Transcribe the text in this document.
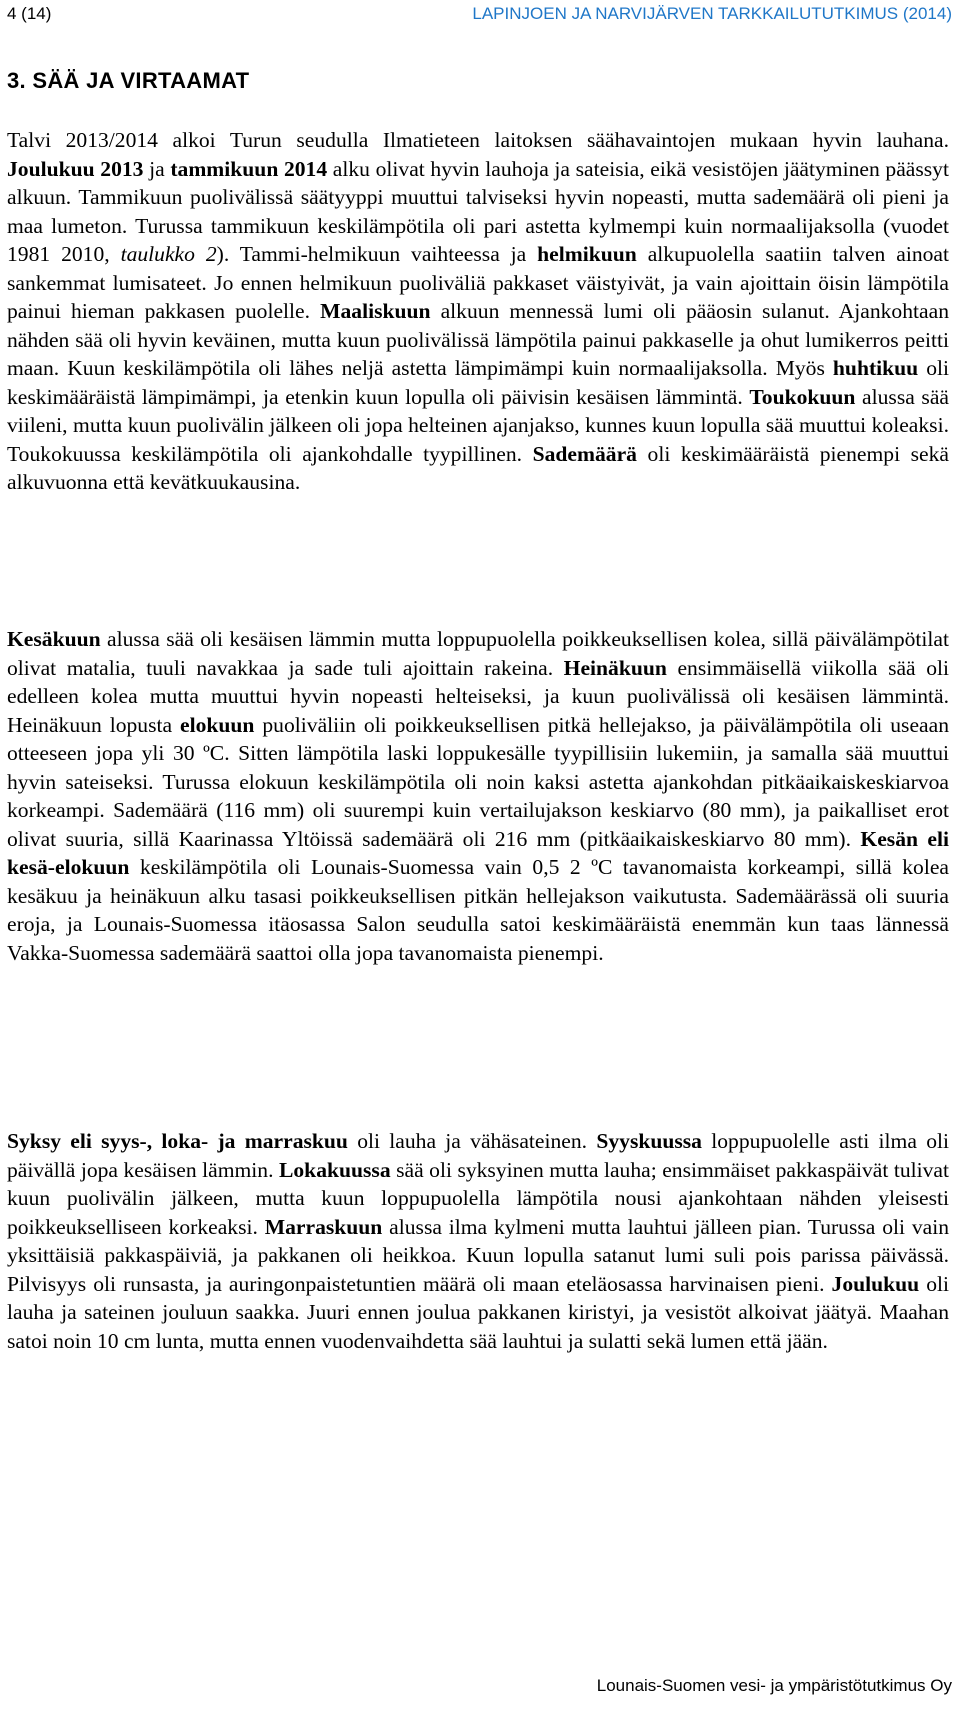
4 (14)	LAPINJOEN JA NARVIJÄRVEN TARKKAILUTUTKIMUS (2014)
3. SÄÄ JA VIRTAAMAT

Talvi 2013/2014 alkoi Turun seudulla Ilmatieteen laitoksen säähavaintojen mukaan hyvin lauhana. Joulukuu 2013 ja tammikuun 2014 alku olivat hyvin lauhoja ja sateisia, eikä vesistöjen jäätyminen päässyt alkuun. Tammikuun puolivälissä säätyyppi muuttui talviseksi hyvin nopeasti, mutta sademäärä oli pieni ja maa lumeton. Turussa tammikuun keskilämpötila oli pari astetta kylmempi kuin normaalijaksolla (vuodet 1981 2010, taulukko 2). Tammi-helmikuun vaihteessa ja helmikuun alkupuolella saatiin talven ainoat sankemmat lumisateet. Jo ennen helmikuun puoliväliä pakkaset väistyivät, ja vain ajoittain öisin lämpötila painui hieman pakkasen puolelle. Maaliskuun alkuun mennessä lumi oli pääosin sulanut. Ajankohtaan nähden sää oli hyvin keväinen, mutta kuun puolivälissä lämpötila painui pakkaselle ja ohut lumikerros peitti maan. Kuun keskilämpötila oli lähes neljä astetta lämpimämpi kuin normaalijaksolla. Myös huhtikuu oli keskimääräistä lämpimämpi, ja etenkin kuun lopulla oli päivisin kesäisen lämmintä. Toukokuun alussa sää viileni, mutta kuun puolivälin jälkeen oli jopa helteinen ajanjakso, kunnes kuun lopulla sää muuttui koleaksi. Toukokuussa keskilämpötila oli ajankohdalle tyypillinen. Sademäärä oli keskimääräistä pienempi sekä alkuvuonna että kevätkuukausina.

Kesäkuun alussa sää oli kesäisen lämmin mutta loppupuolella poikkeuksellisen kolea, sillä päivälämpötilat olivat matalia, tuuli navakkaa ja sade tuli ajoittain rakeina. Heinäkuun ensimmäisellä viikolla sää oli edelleen kolea mutta muuttui hyvin nopeasti helteiseksi, ja kuun puolivälissä oli kesäisen lämmintä. Heinäkuun lopusta elokuun puoliväliin oli poikkeuksellisen pitkä hellejakso, ja päivälämpötila oli useaan otteeseen jopa yli 30 ºC. Sitten lämpötila laski loppukesälle tyypillisiin lukemiin, ja samalla sää muuttui hyvin sateiseksi. Turussa elokuun keskilämpötila oli noin kaksi astetta ajankohdan pitkäaikaiskeskiarvoa korkeampi. Sademäärä (116 mm) oli suurempi kuin vertailujakson keskiarvo (80 mm), ja paikalliset erot olivat suuria, sillä Kaarinassa Yltöissä sademäärä oli 216 mm (pitkäaikaiskeskiarvo 80 mm). Kesän eli kesä-elokuun keskilämpötila oli Lounais-Suomessa vain 0,5 2 ºC tavanomaista korkeampi, sillä kolea kesäkuu ja heinäkuun alku tasasi poikkeuksellisen pitkän hellejakson vaikutusta. Sademäärässä oli suuria eroja, ja Lounais-Suomessa itäosassa Salon seudulla satoi keskimääräistä enemmän kun taas lännessä Vakka-Suomessa sademäärä saattoi olla jopa tavanomaista pienempi.

Syksy eli syys-, loka- ja marraskuu oli lauha ja vähäsateinen. Syyskuussa loppupuolelle asti ilma oli päivällä jopa kesäisen lämmin. Lokakuussa sää oli syksyinen mutta lauha; ensimmäiset pakkaspäivät tulivat kuun puolivälin jälkeen, mutta kuun loppupuolella lämpötila nousi ajankohtaan nähden yleisesti poikkeukselliseen korkeaksi. Marraskuun alussa ilma kylmeni mutta lauhtui jälleen pian. Turussa oli vain yksittäisiä pakkaspäiviä, ja pakkanen oli heikkoa. Kuun lopulla satanut lumi suli pois parissa päivässä. Pilvisyys oli runsasta, ja auringonpaistetuntien määrä oli maan eteläosassa harvinaisen pieni. Joulukuu oli lauha ja sateinen jouluun saakka. Juuri ennen joulua pakkanen kiristyi, ja vesistöt alkoivat jäätyä. Maahan satoi noin 10 cm lunta, mutta ennen vuodenvaihdetta sää lauhtui ja sulatti sekä lumen että jään.

Lounais-Suomen vesi- ja ympäristötutkimus Oy
